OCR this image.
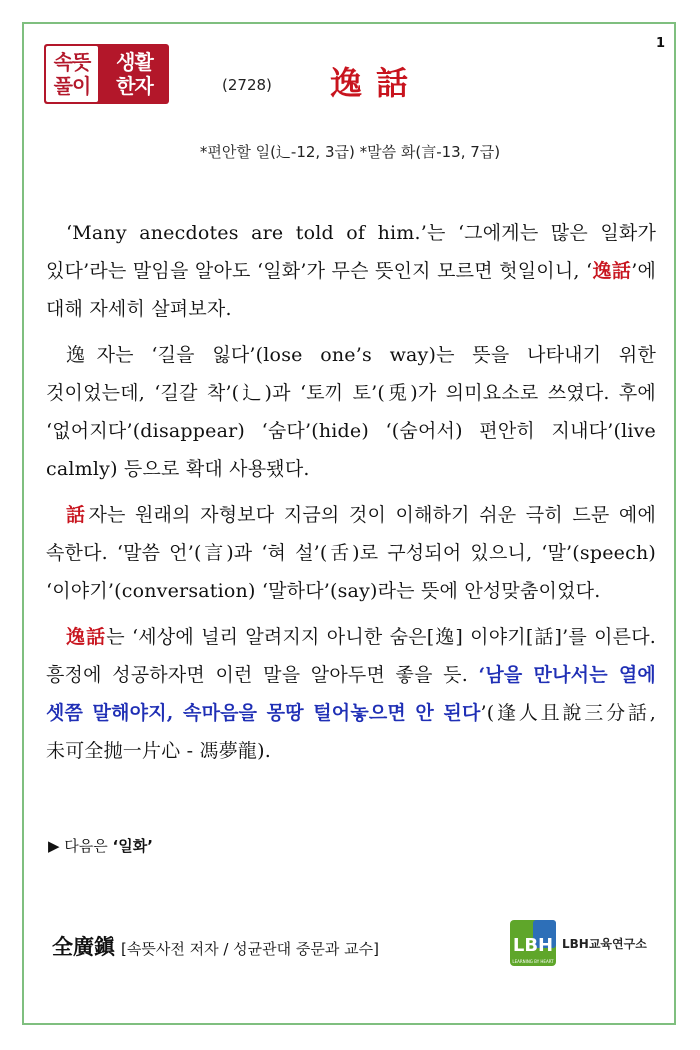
1
속뜻
풀이
생활
한자	(2728) 逸話
*편안할 일(辶-12, 3급) *말씀 화(言-13, 7급)

‘Many anecdotes are told of him.’는 ‘그에게는 많은 일화가 있다’라는 말임을 알아도 ‘일화’가 무슨 뜻인지 모르면 헛일이니, ‘逸話’에 대해 자세히 살펴보자.

逸자는 ‘길을 잃다’(lose one’s way)는 뜻을 나타내기 위한 것이었는데, ‘길갈 착’(辶)과 ‘토끼 토’(兎)가 의미요소로 쓰였다. 후에 ‘없어지다’(disappear) ‘숨다’(hide) ‘(숨어서) 편안히 지내다’(live calmly) 등으로 확대 사용됐다.

話자는 원래의 자형보다 지금의 것이 이해하기 쉬운 극히 드문 예에 속한다. ‘말씀 언’(言)과 ‘혀 설’(舌)로 구성되어 있으니, ‘말’(speech) ‘이야기’(conversation) ‘말하다’(say)라는 뜻에 안성맞춤이었다.

逸話는 ‘세상에 널리 알려지지 아니한 숨은[逸] 이야기[話]’를 이른다. 흥정에 성공하자면 이런 말을 알아두면 좋을 듯. ‘남을 만나서는 열에 셋쯤 말해야지, 속마음을 몽땅 털어놓으면 안 된다’(逢人且說三分話, 未可全抛一片心 - 馮夢龍).

▶ 다음은 ‘일화’
全廣鎭 [속뜻사전 저자 / 성균관대 중문과 교수]	LBH
LEARNING BY HEART
LBH교육연구소
